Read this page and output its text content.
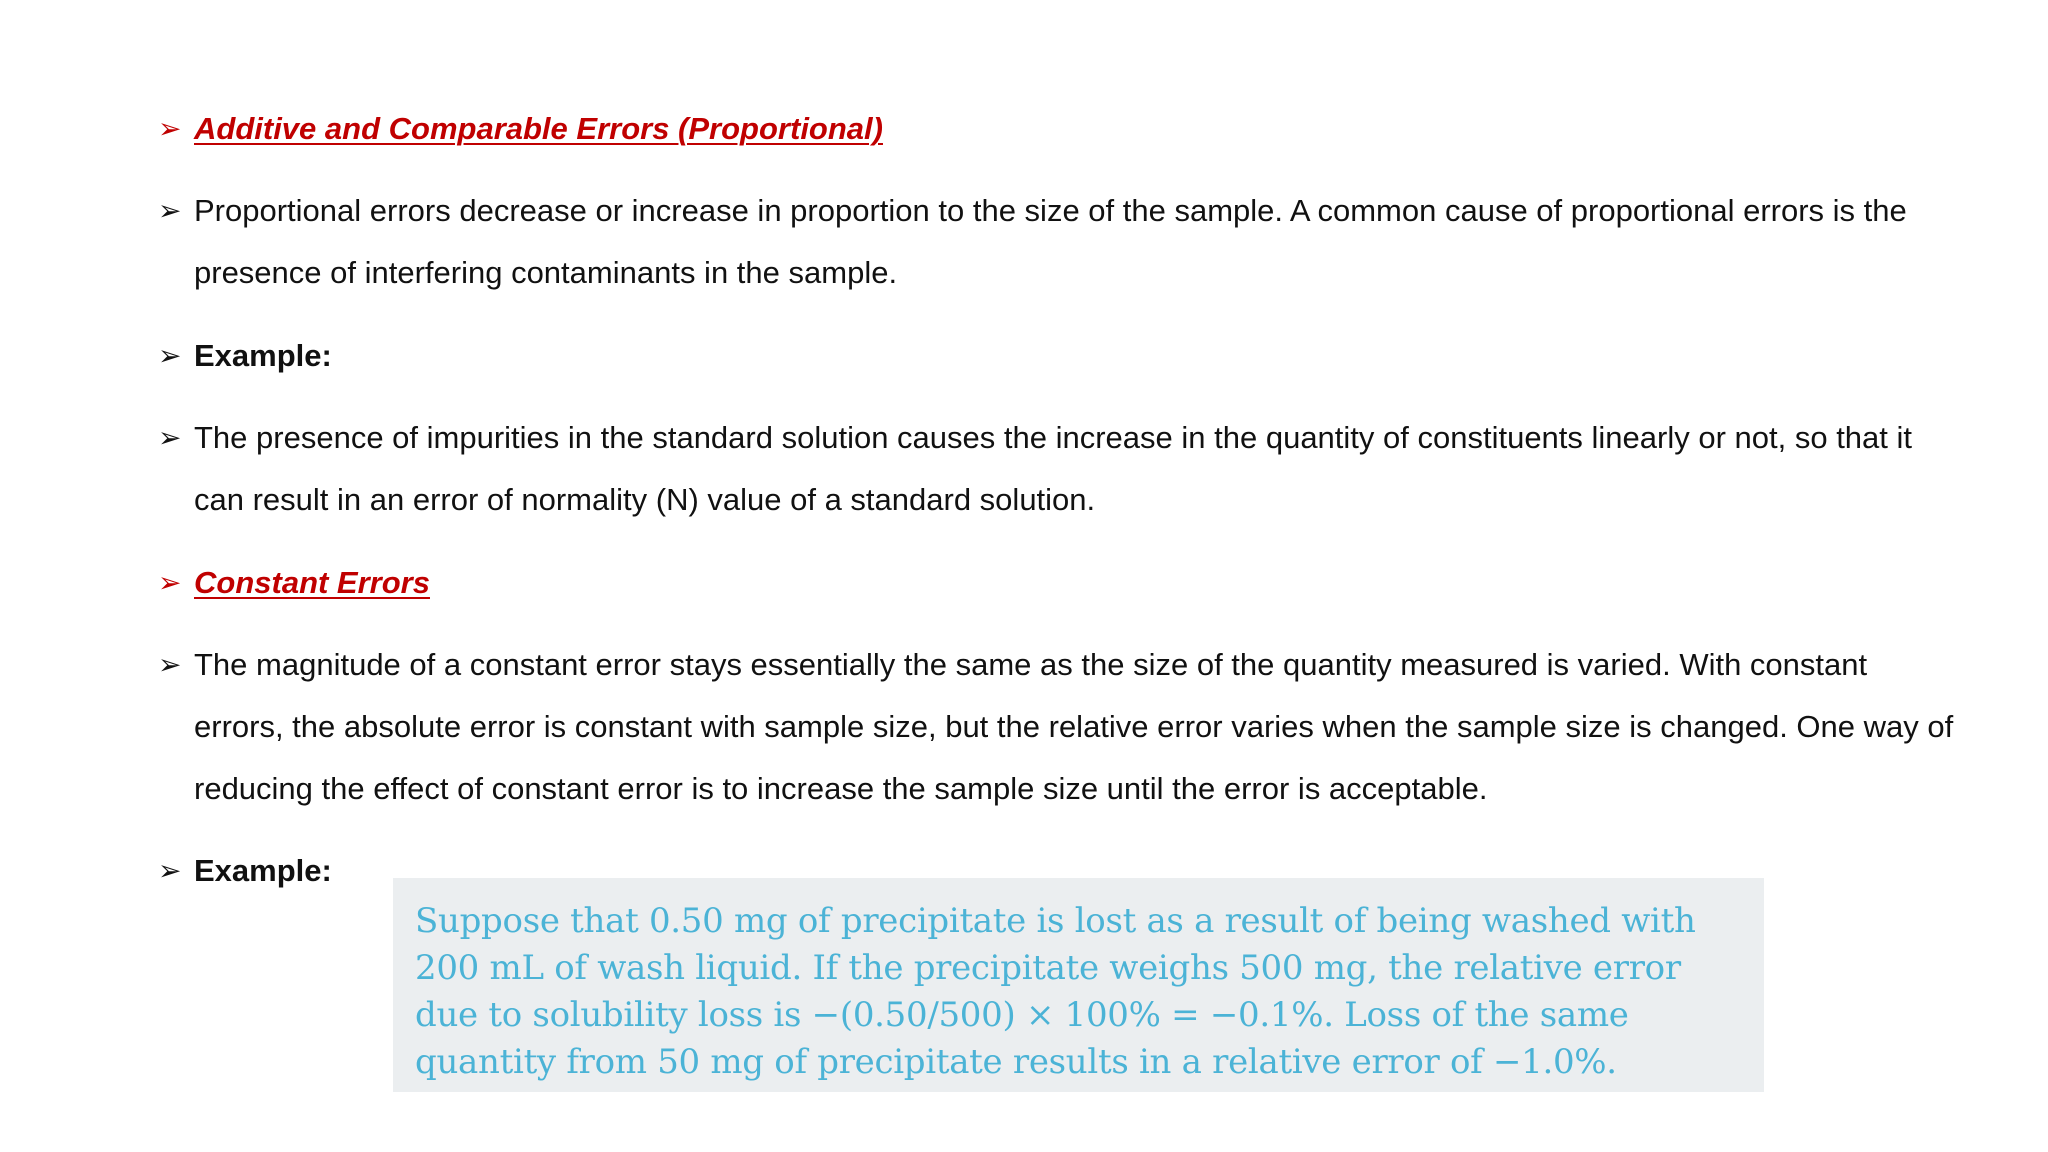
➢ Additive and Comparable Errors (Proportional)
➢ Proportional errors decrease or increase in proportion to the size of the sample. A common cause of proportional errors is the presence of interfering contaminants in the sample.
➢ Example:
➢ The presence of impurities in the standard solution causes the increase in the quantity of constituents linearly or not, so that it can result in an error of normality (N) value of a standard solution.
➢ Constant Errors
➢ The magnitude of a constant error stays essentially the same as the size of the quantity measured is varied. With constant errors, the absolute error is constant with sample size, but the relative error varies when the sample size is changed. One way of reducing the effect of constant error is to increase the sample size until the error is acceptable.
➢ Example:
Suppose that 0.50 mg of precipitate is lost as a result of being washed with 200 mL of wash liquid. If the precipitate weighs 500 mg, the relative error due to solubility loss is −(0.50/500) × 100% = −0.1%. Loss of the same quantity from 50 mg of precipitate results in a relative error of −1.0%.
